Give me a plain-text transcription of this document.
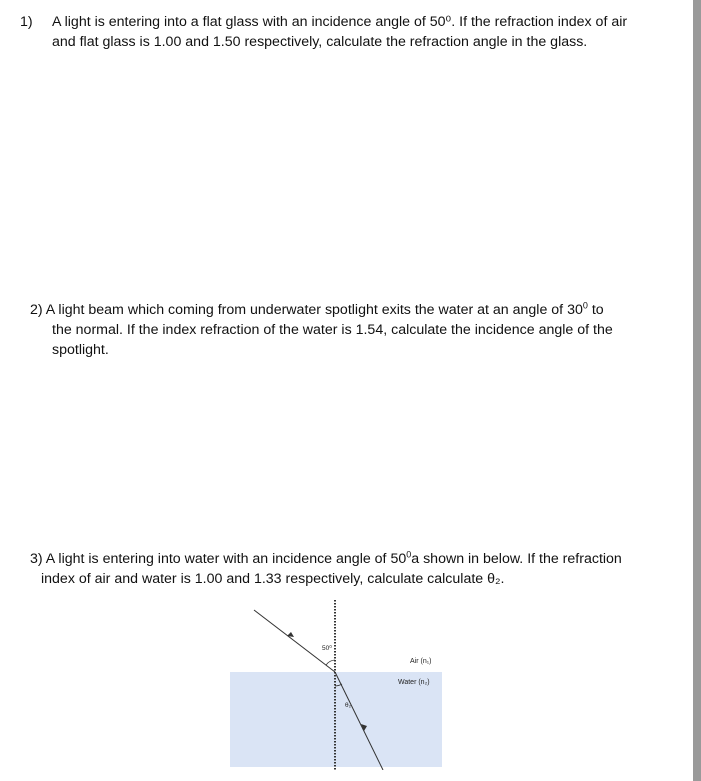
1) A light is entering into a flat glass with an incidence angle of 50⁰. If the refraction index of air and flat glass is 1.00 and 1.50 respectively, calculate the refraction angle in the glass.
2) A light beam which coming from underwater spotlight exits the water at an angle of $30^0$ to
the normal. If the index refraction of the water is 1.54, calculate the incidence angle of the spotlight.
3) A light is entering into water with an incidence angle of $50^0a$ shown in below. If the refraction
index of air and water is 1.00 and 1.33 respectively, calculate calculate θ₂.
50⁰
θ₂
Air (n₁)
Water (n₂)
